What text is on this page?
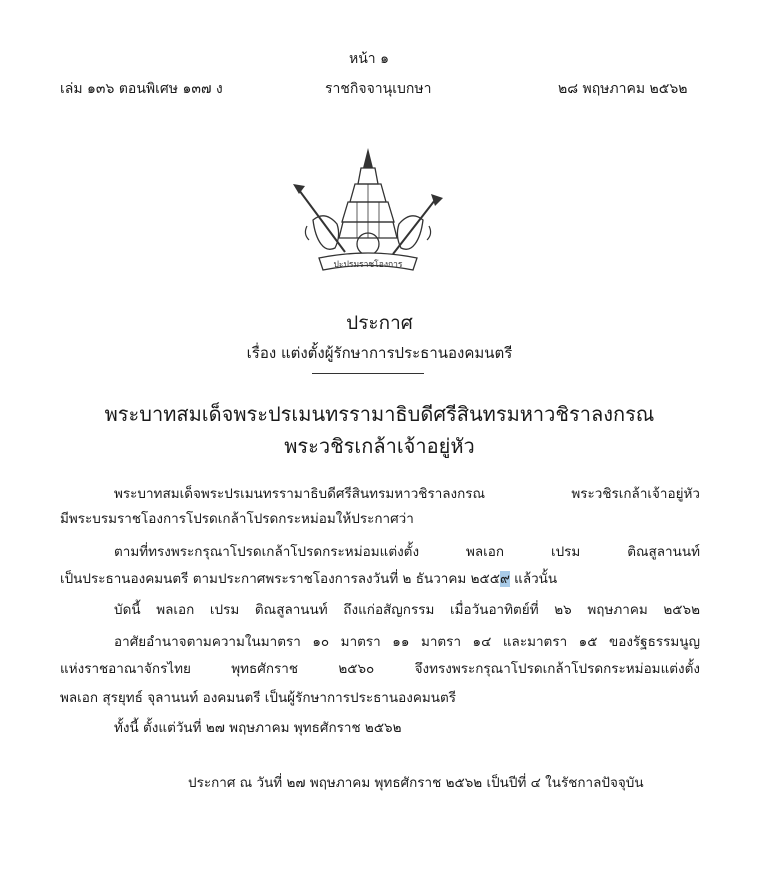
หน้า ๑
เล่ม ๑๓๖ ตอนพิเศษ ๑๓๗ ง	ราชกิจจานุเบกษา	๒๘ พฤษภาคม ๒๕๖๒
ปะปรมราชโองการ
ประกาศ
เรื่อง แต่งตั้งผู้รักษาการประธานองคมนตรี
พระบาทสมเด็จพระปรเมนทรรามาธิบดีศรีสินทรมหาวชิราลงกรณ
พระวชิรเกล้าเจ้าอยู่หัว
พระบาทสมเด็จพระปรเมนทรรามาธิบดีศรีสินทรมหาวชิราลงกรณ พระวชิรเกล้าเจ้าอยู่หัว
มีพระบรมราชโองการโปรดเกล้าโปรดกระหม่อมให้ประกาศว่า
ตามที่ทรงพระกรุณาโปรดเกล้าโปรดกระหม่อมแต่งตั้ง พลเอก เปรม ติณสูลานนท์
เป็นประธานองคมนตรี ตามประกาศพระราชโองการลงวันที่ ๒ ธันวาคม ๒๕๕๙ แล้วนั้น
บัดนี้ พลเอก เปรม ติณสูลานนท์ ถึงแก่อสัญกรรม เมื่อวันอาทิตย์ที่ ๒๖ พฤษภาคม ๒๕๖๒
อาศัยอำนาจตามความในมาตรา ๑๐ มาตรา ๑๑ มาตรา ๑๔ และมาตรา ๑๕ ของรัฐธรรมนูญ
แห่งราชอาณาจักรไทย พุทธศักราช ๒๕๖๐ จึงทรงพระกรุณาโปรดเกล้าโปรดกระหม่อมแต่งตั้ง
พลเอก สุรยุทธ์ จุลานนท์ องคมนตรี เป็นผู้รักษาการประธานองคมนตรี
ทั้งนี้ ตั้งแต่วันที่ ๒๗ พฤษภาคม พุทธศักราช ๒๕๖๒
ประกาศ ณ วันที่ ๒๗ พฤษภาคม พุทธศักราช ๒๕๖๒ เป็นปีที่ ๔ ในรัชกาลปัจจุบัน
